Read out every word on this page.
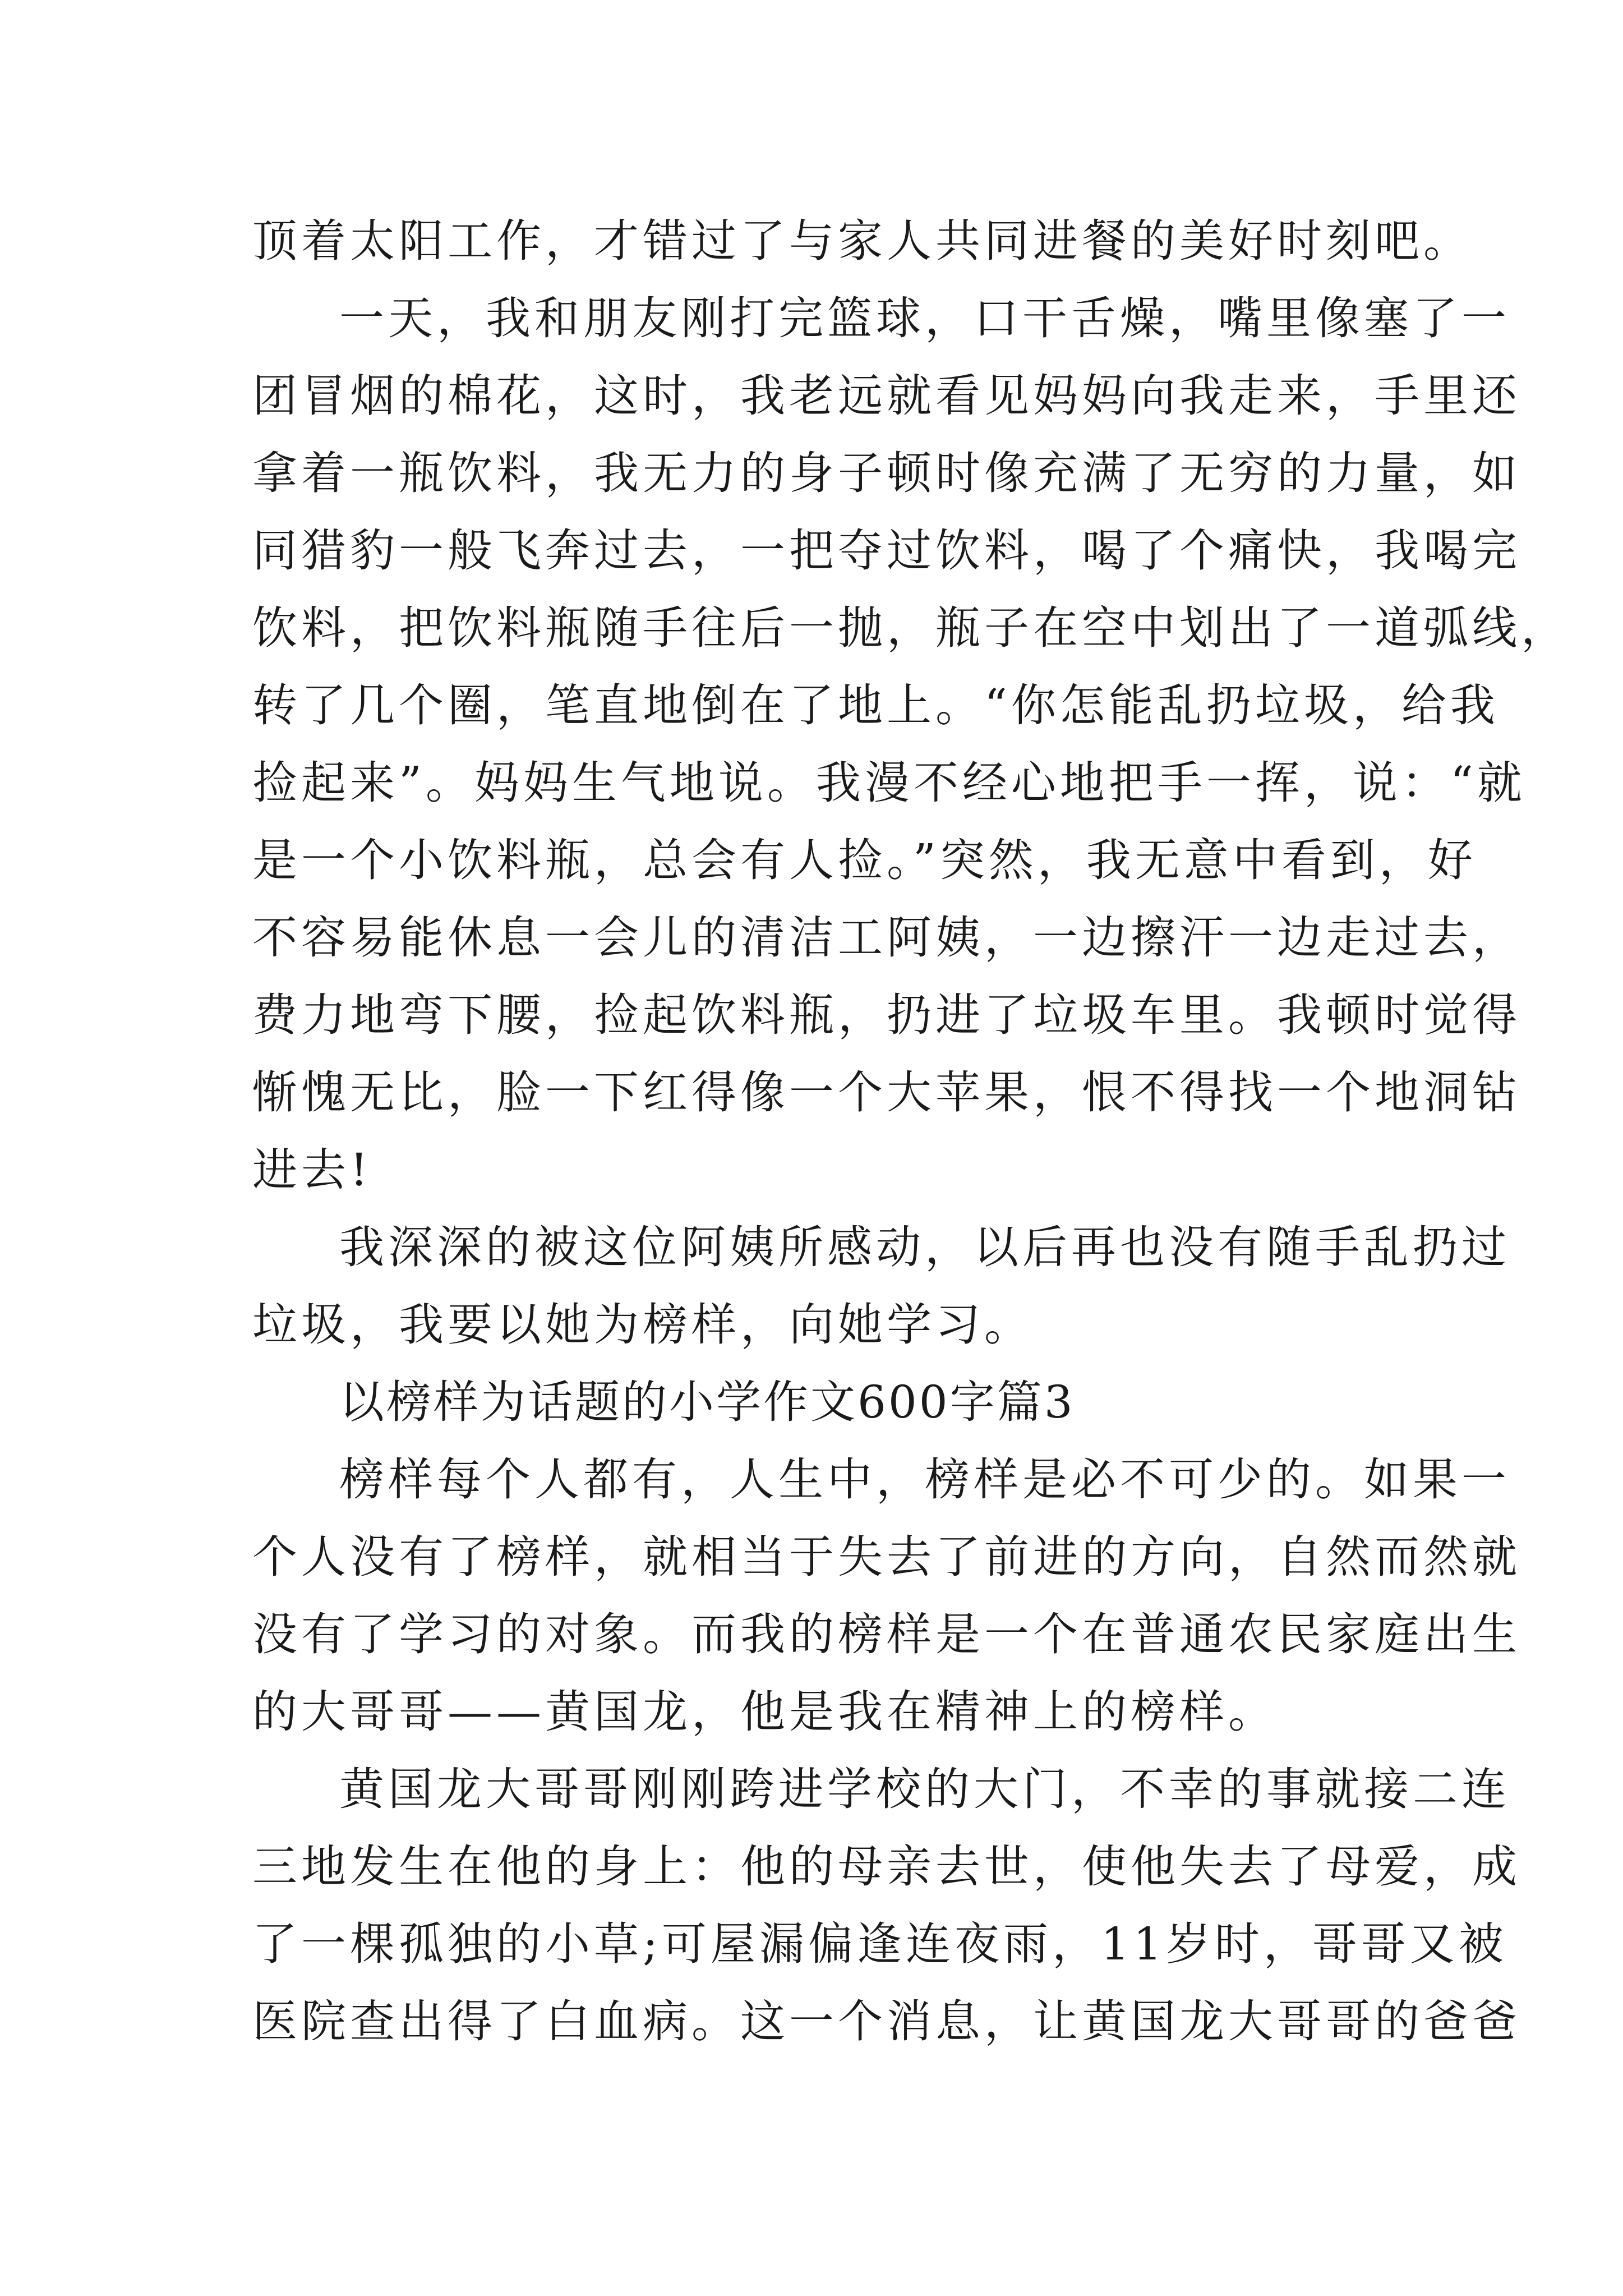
顶着太阳工作，才错过了与家人共同进餐的美好时刻吧。
一天，我和朋友刚打完篮球，口干舌燥，嘴里像塞了一
团冒烟的棉花，这时，我老远就看见妈妈向我走来，手里还
拿着一瓶饮料，我无力的身子顿时像充满了无穷的力量，如
同猎豹一般飞奔过去，一把夺过饮料，喝了个痛快，我喝完
饮料，把饮料瓶随手往后一抛，瓶子在空中划出了一道弧线，
转了几个圈，笔直地倒在了地上。“你怎能乱扔垃圾，给我
捡起来”。妈妈生气地说。我漫不经心地把手一挥，说：“就
是一个小饮料瓶，总会有人捡。”突然，我无意中看到，好
不容易能休息一会儿的清洁工阿姨，一边擦汗一边走过去，
费力地弯下腰，捡起饮料瓶，扔进了垃圾车里。我顿时觉得
惭愧无比，脸一下红得像一个大苹果，恨不得找一个地洞钻
进去!
我深深的被这位阿姨所感动，以后再也没有随手乱扔过
垃圾，我要以她为榜样，向她学习。
以榜样为话题的小学作文600字篇3
榜样每个人都有，人生中，榜样是必不可少的。如果一
个人没有了榜样，就相当于失去了前进的方向，自然而然就
没有了学习的对象。而我的榜样是一个在普通农民家庭出生
的大哥哥——黄国龙，他是我在精神上的榜样。
黄国龙大哥哥刚刚跨进学校的大门，不幸的事就接二连
三地发生在他的身上：他的母亲去世，使他失去了母爱，成
了一棵孤独的小草;可屋漏偏逢连夜雨，11岁时，哥哥又被
医院查出得了白血病。这一个消息，让黄国龙大哥哥的爸爸
